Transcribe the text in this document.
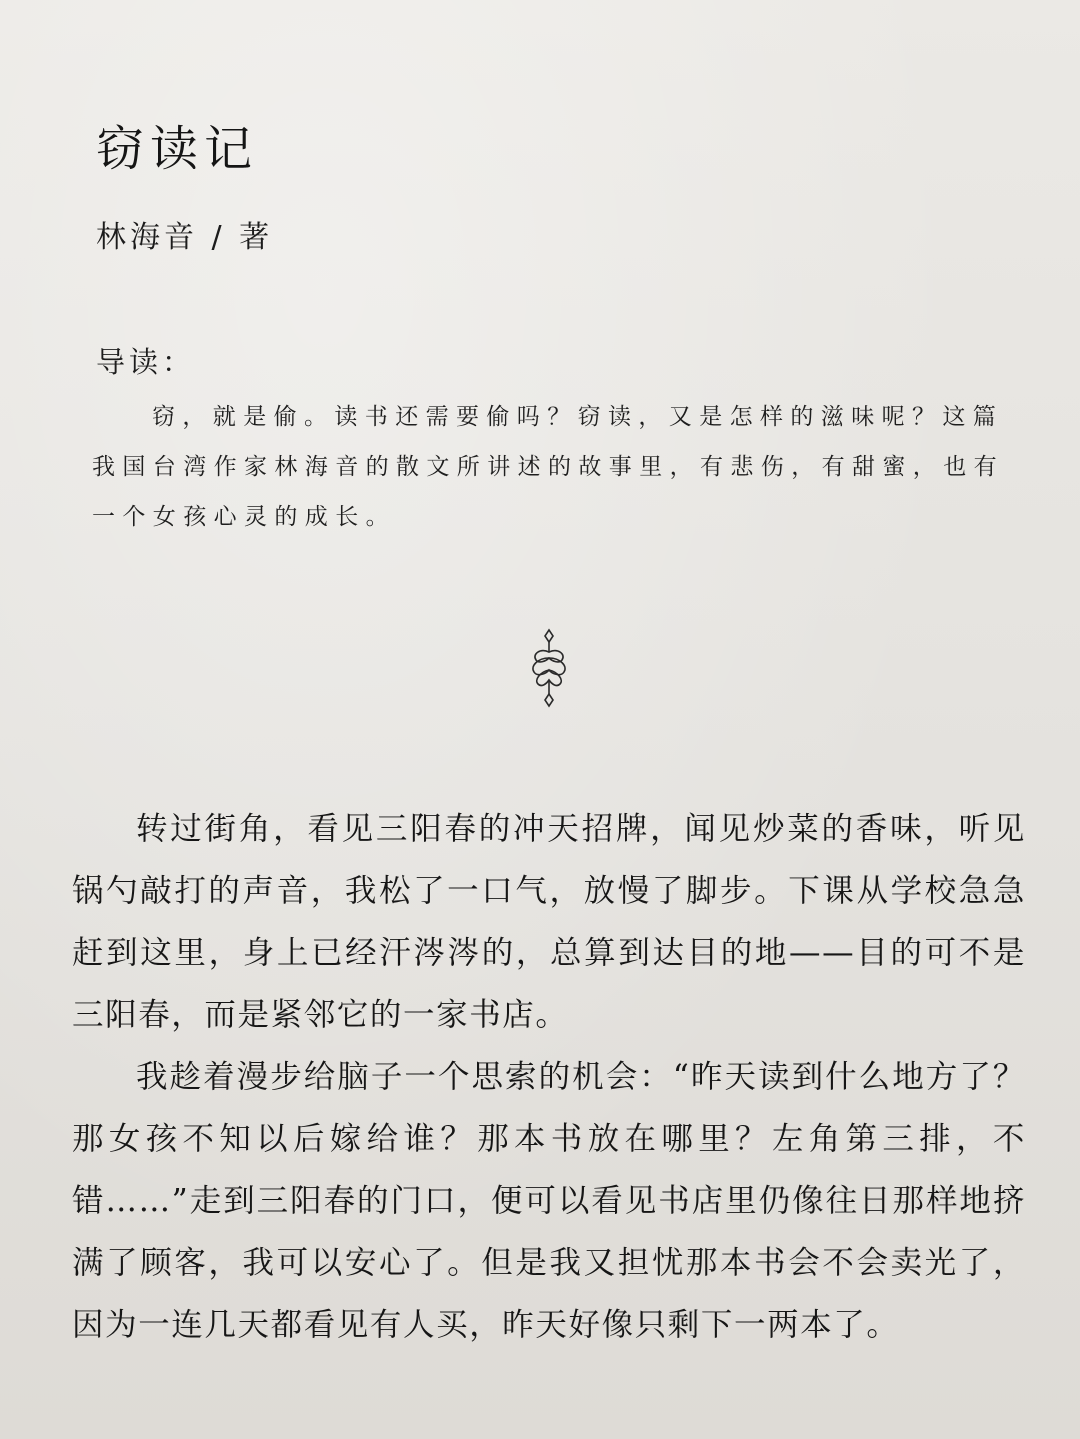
窃读记
林海音 / 著
导读：

窃，就是偷。读书还需要偷吗？窃读，又是怎样的滋味呢？这篇我国台湾作家林海音的散文所讲述的故事里，有悲伤，有甜蜜，也有一个女孩心灵的成长。

转过街角，看见三阳春的冲天招牌，闻见炒菜的香味，听见锅勺敲打的声音，我松了一口气，放慢了脚步。下课从学校急急赶到这里，身上已经汗涔涔的，总算到达目的地——目的可不是三阳春，而是紧邻它的一家书店。

我趁着漫步给脑子一个思索的机会：“昨天读到什么地方了？那女孩不知以后嫁给谁？那本书放在哪里？左角第三排，不错……”走到三阳春的门口，便可以看见书店里仍像往日那样地挤满了顾客，我可以安心了。但是我又担忧那本书会不会卖光了，因为一连几天都看见有人买，昨天好像只剩下一两本了。
